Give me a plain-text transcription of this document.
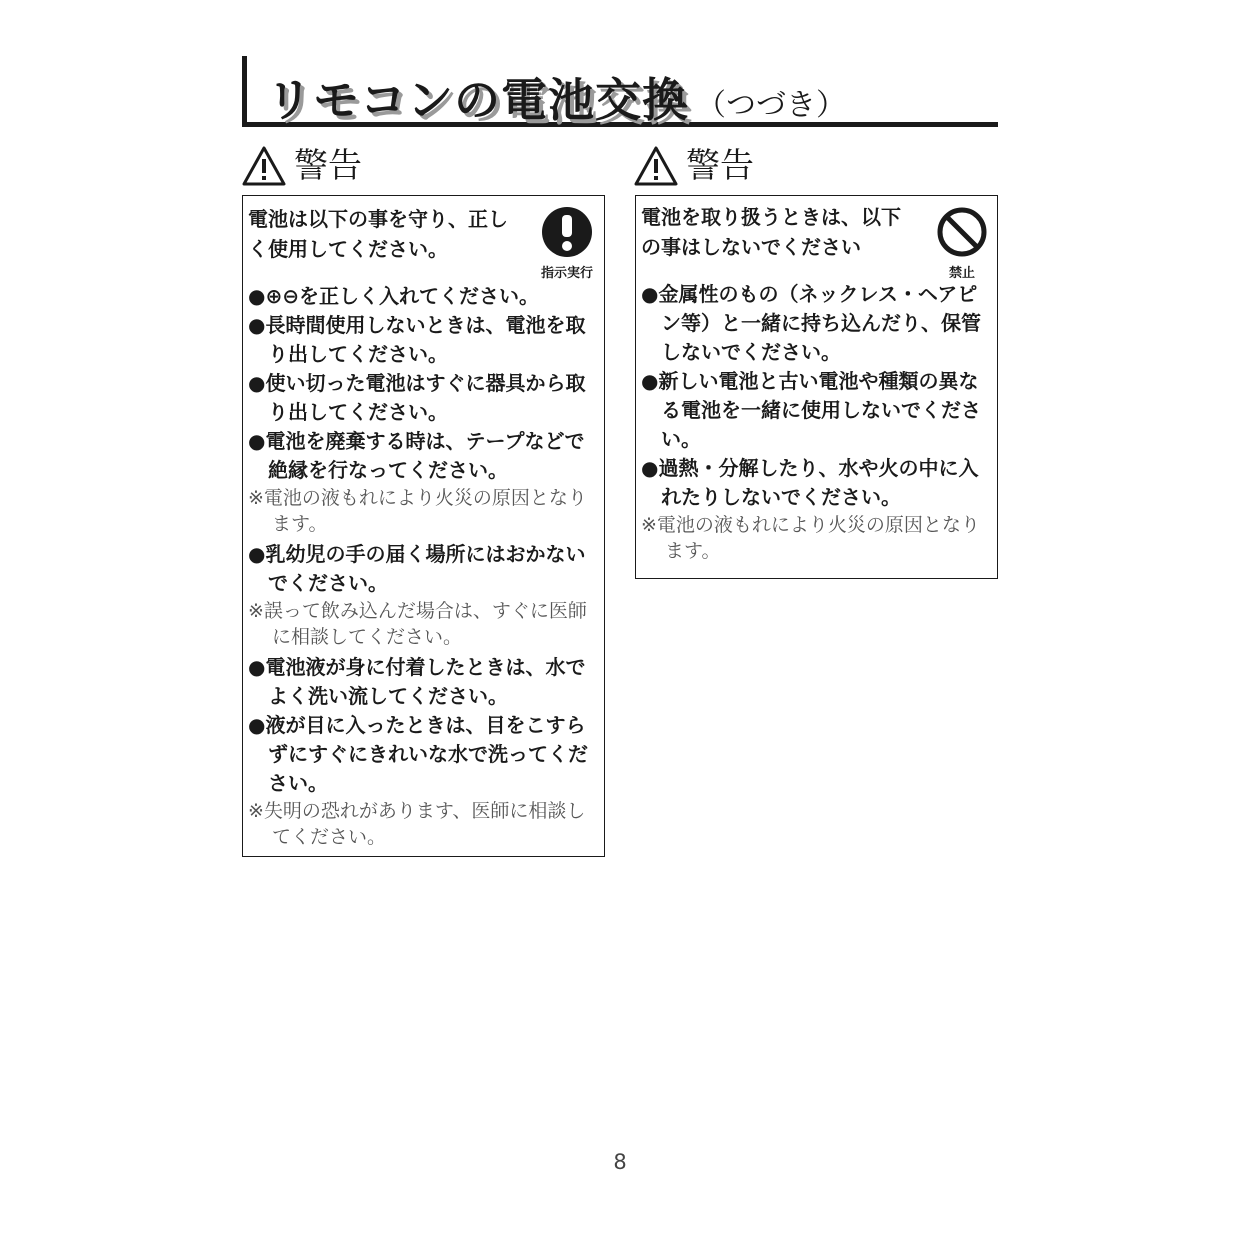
リモコンの電池交換 （つづき）
警告
電池は以下の事を守り、正し
く使用してください。
指示実行
●⊕⊖を正しく入れてください。
●長時間使用しないときは、電池を取り出してください。
●使い切った電池はすぐに器具から取り出してください。
●電池を廃棄する時は、テープなどで絶縁を行なってください。
※電池の液もれにより火災の原因となります。
●乳幼児の手の届く場所にはおかないでください。
※誤って飲み込んだ場合は、すぐに医師に相談してください。
●電池液が身に付着したときは、水でよく洗い流してください。
●液が目に入ったときは、目をこすらずにすぐにきれいな水で洗ってください。
※失明の恐れがあります、医師に相談してください。
警告
電池を取り扱うときは、以下
の事はしないでください
禁止
●金属性のもの（ネックレス・ヘアピン等）と一緒に持ち込んだり、保管しないでください。
●新しい電池と古い電池や種類の異なる電池を一緒に使用しないでください。
●過熱・分解したり、水や火の中に入れたりしないでください。
※電池の液もれにより火災の原因となります。
8
